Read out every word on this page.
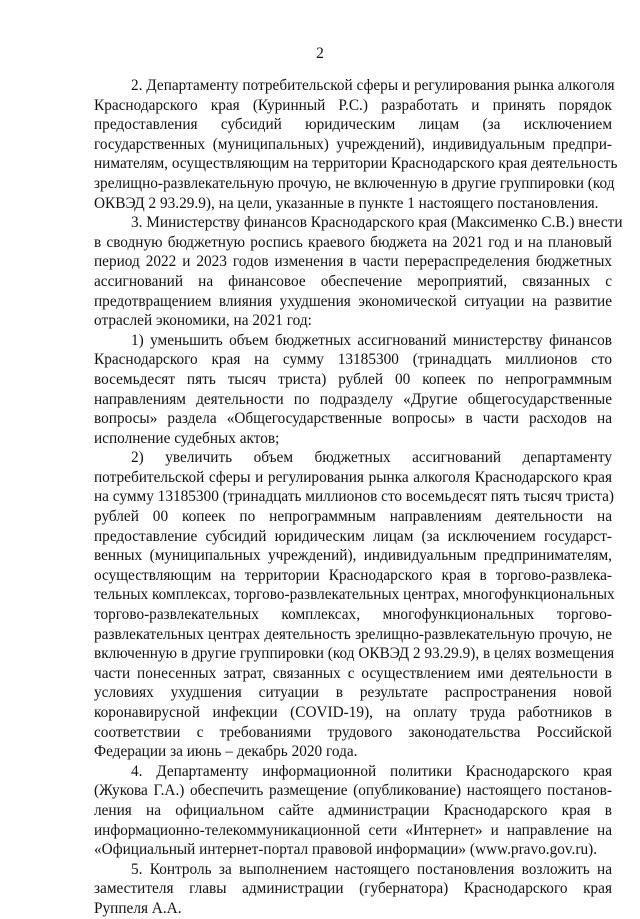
2
2. Департаменту потребительской сферы и регулирования рынка алкоголя
Краснодарского края (Куринный Р.С.) разработать и принять порядок
предоставления субсидий юридическим лицам (за исключением
государственных (муниципальных) учреждений), индивидуальным предпри-
нимателям, осуществляющим на территории Краснодарского края деятельность
зрелищно-развлекательную прочую, не включенную в другие группировки (код
ОКВЭД 2 93.29.9), на цели, указанные в пункте 1 настоящего постановления.
3. Министерству финансов Краснодарского края (Максименко С.В.) внести
в сводную бюджетную роспись краевого бюджета на 2021 год и на плановый
период 2022 и 2023 годов изменения в части перераспределения бюджетных
ассигнований на финансовое обеспечение мероприятий, связанных с
предотвращением влияния ухудшения экономической ситуации на развитие
отраслей экономики, на 2021 год:
1) уменьшить объем бюджетных ассигнований министерству финансов
Краснодарского края на сумму 13185300 (тринадцать миллионов сто
восемьдесят пять тысяч триста) рублей 00 копеек по непрограммным
направлениям деятельности по подразделу «Другие общегосударственные
вопросы» раздела «Общегосударственные вопросы» в части расходов на
исполнение судебных актов;
2) увеличить объем бюджетных ассигнований департаменту
потребительской сферы и регулирования рынка алкоголя Краснодарского края
на сумму 13185300 (тринадцать миллионов сто восемьдесят пять тысяч триста)
рублей 00 копеек по непрограммным направлениям деятельности на
предоставление субсидий юридическим лицам (за исключением государст-
венных (муниципальных учреждений), индивидуальным предпринимателям,
осуществляющим на территории Краснодарского края в торгово-развлека-
тельных комплексах, торгово-развлекательных центрах, многофункциональных
торгово-развлекательных комплексах, многофункциональных торгово-
развлекательных центрах деятельность зрелищно-развлекательную прочую, не
включенную в другие группировки (код ОКВЭД 2 93.29.9), в целях возмещения
части понесенных затрат, связанных с осуществлением ими деятельности в
условиях ухудшения ситуации в результате распространения новой
коронавирусной инфекции (COVID-19), на оплату труда работников в
соответствии с требованиями трудового законодательства Российской
Федерации за июнь – декабрь 2020 года.
4. Департаменту информационной политики Краснодарского края
(Жукова Г.А.) обеспечить размещение (опубликование) настоящего постанов-
ления на официальном сайте администрации Краснодарского края в
информационно-телекоммуникационной сети «Интернет» и направление на
«Официальный интернет-портал правовой информации» (www.pravo.gov.ru).
5. Контроль за выполнением настоящего постановления возложить на
заместителя главы администрации (губернатора) Краснодарского края
Руппеля А.А.
